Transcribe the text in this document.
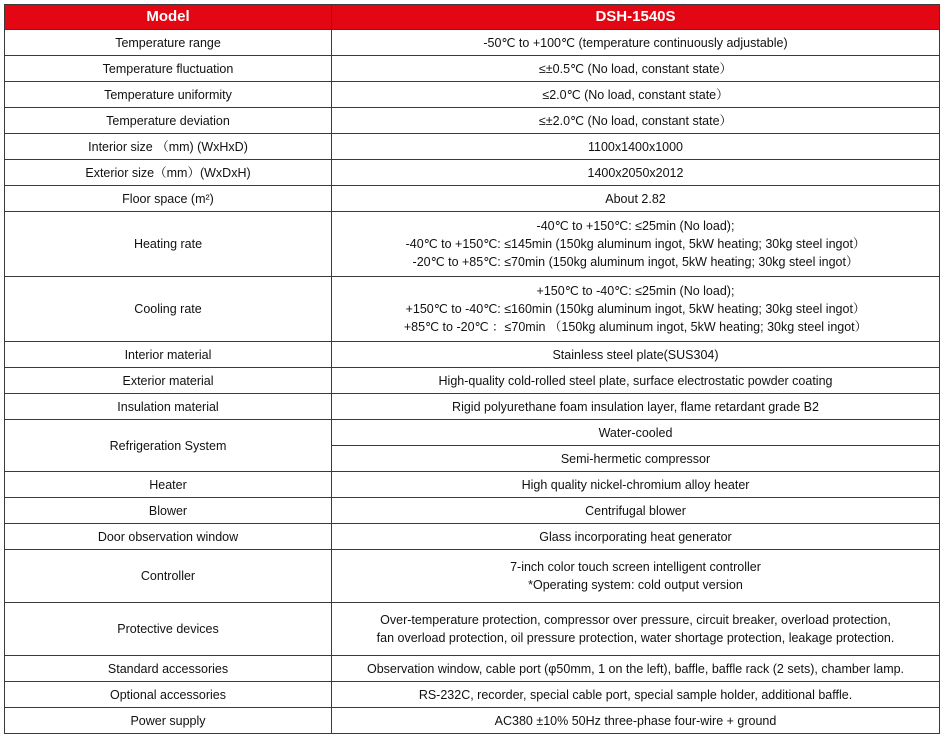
Model	DSH-1540S
Temperature range	-50℃ to +100℃ (temperature continuously adjustable)
Temperature fluctuation	≤±0.5℃ (No load, constant state）
Temperature uniformity	≤2.0℃ (No load, constant state）
Temperature deviation	≤±2.0℃ (No load, constant state）
Interior size （mm) (WxHxD)	1100x1400x1000
Exterior size（mm）(WxDxH)	1400x2050x2012
Floor space (m²)	About 2.82
Heating rate	-40℃ to +150℃: ≤25min (No load);
-40℃ to +150℃: ≤145min (150kg aluminum ingot, 5kW heating; 30kg steel ingot）
-20℃ to +85℃: ≤70min (150kg aluminum ingot, 5kW heating; 30kg steel ingot）

Cooling rate	+150℃ to -40℃: ≤25min (No load);
+150℃ to -40℃: ≤160min (150kg aluminum ingot, 5kW heating; 30kg steel ingot）
+85℃ to -20℃ ：≤70min （150kg aluminum ingot, 5kW heating; 30kg steel ingot）

Interior material	Stainless steel plate(SUS304)
Exterior material	High-quality cold-rolled steel plate, surface electrostatic powder coating
Insulation material	Rigid polyurethane foam insulation layer, flame retardant grade B2
Refrigeration System	Water-cooled
	Semi-hermetic compressor
Heater	High quality nickel-chromium alloy heater
Blower	Centrifugal blower
Door observation window	Glass incorporating heat generator
Controller	7-inch color touch screen intelligent controller
*Operating system: cold output version

Protective devices	Over-temperature protection, compressor over pressure, circuit breaker, overload protection,
fan overload protection, oil pressure protection, water shortage protection, leakage protection.

Standard accessories	Observation window, cable port (φ50mm, 1 on the left), baffle, baffle rack (2 sets), chamber lamp.
Optional accessories	RS-232C, recorder, special cable port, special sample holder, additional baffle.
Power supply	AC380 ±10% 50Hz three-phase four-wire + ground
